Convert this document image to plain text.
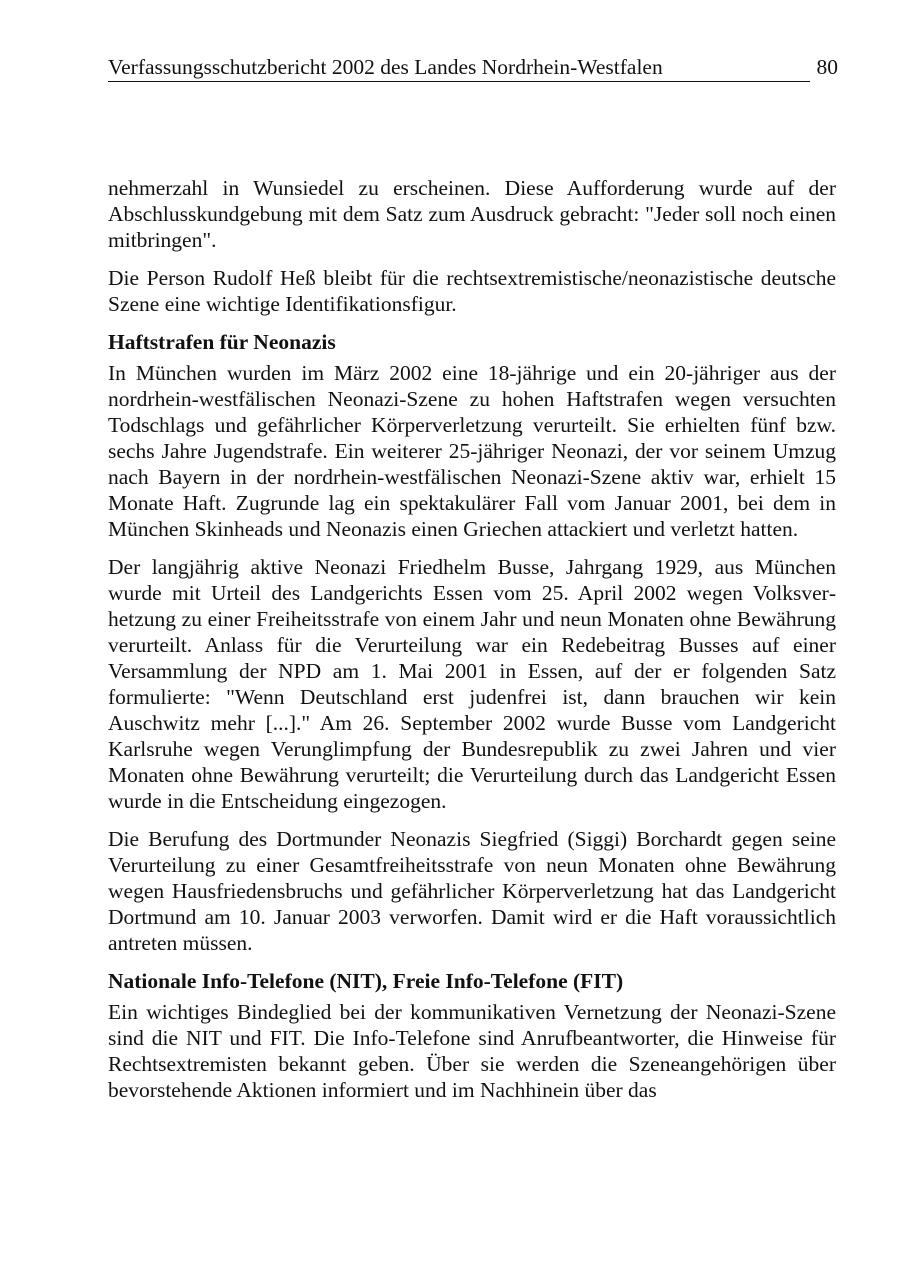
Verfassungsschutzbericht 2002 des Landes Nordrhein-Westfalen	80

nehmerzahl in Wunsiedel zu erscheinen. Diese Aufforderung wurde auf der Abschlusskundgebung mit dem Satz zum Ausdruck gebracht: "Jeder soll noch einen mitbringen".

Die Person Rudolf Heß bleibt für die rechtsextremistische/neonazistische deutsche Szene eine wichtige Identifikationsfigur.

Haftstrafen für Neonazis

In München wurden im März 2002 eine 18-jährige und ein 20-jähriger aus der nordrhein-westfälischen Neonazi-Szene zu hohen Haftstrafen wegen versuchten Todschlags und gefährlicher Körperverletzung verurteilt. Sie erhielten fünf bzw. sechs Jahre Jugendstrafe. Ein weiterer 25-jähriger Neonazi, der vor seinem Umzug nach Bayern in der nordrhein-westfälischen Neonazi-Szene aktiv war, erhielt 15 Monate Haft. Zugrunde lag ein spektakulärer Fall vom Januar 2001, bei dem in München Skinheads und Neonazis einen Griechen attackiert und verletzt hatten.

Der langjährig aktive Neonazi Friedhelm Busse, Jahrgang 1929, aus München wurde mit Urteil des Landgerichts Essen vom 25. April 2002 wegen Volksverhetzung zu einer Freiheitsstrafe von einem Jahr und neun Monaten ohne Bewährung verurteilt. Anlass für die Verurteilung war ein Redebeitrag Busses auf einer Versammlung der NPD am 1. Mai 2001 in Essen, auf der er folgenden Satz formulierte: "Wenn Deutschland erst judenfrei ist, dann brauchen wir kein Auschwitz mehr [...]." Am 26. September 2002 wurde Busse vom Landgericht Karlsruhe wegen Verunglimpfung der Bundesrepublik zu zwei Jahren und vier Monaten ohne Bewährung verurteilt; die Verurteilung durch das Landgericht Essen wurde in die Entscheidung eingezogen.

Die Berufung des Dortmunder Neonazis Siegfried (Siggi) Borchardt gegen seine Verurteilung zu einer Gesamtfreiheitsstrafe von neun Monaten ohne Bewährung wegen Hausfriedensbruchs und gefährlicher Körperverletzung hat das Landgericht Dortmund am 10. Januar 2003 verworfen. Damit wird er die Haft voraussichtlich antreten müssen.

Nationale Info-Telefone (NIT), Freie Info-Telefone (FIT)

Ein wichtiges Bindeglied bei der kommunikativen Vernetzung der Neonazi-Szene sind die NIT und FIT. Die Info-Telefone sind Anrufbeantworter, die Hinweise für Rechtsextremisten bekannt geben. Über sie werden die Szeneangehörigen über bevorstehende Aktionen informiert und im Nachhinein über das
